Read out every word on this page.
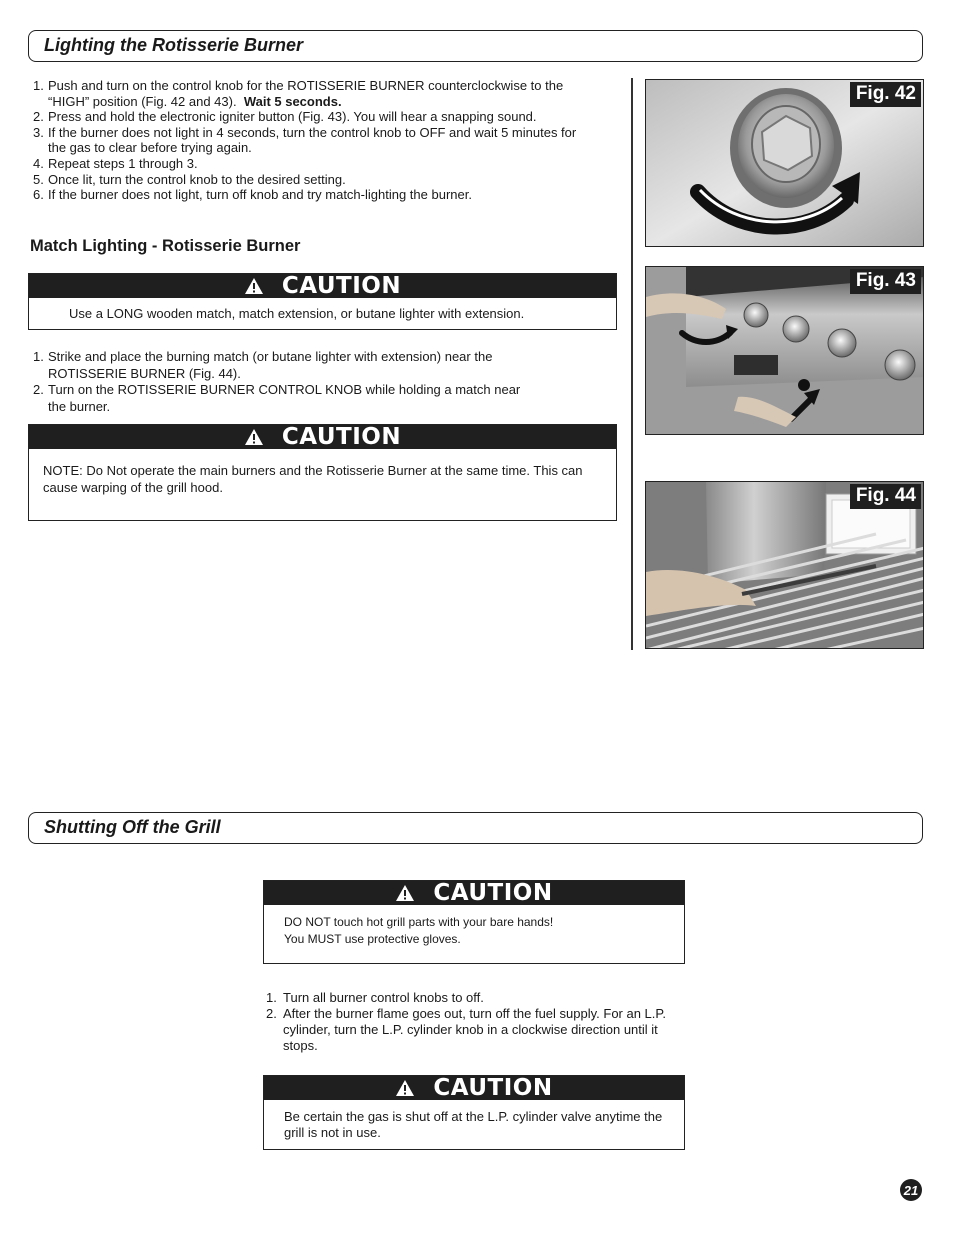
Lighting the Rotisserie Burner
1. Push and turn on the control knob for the ROTISSERIE BURNER counterclockwise to the
“HIGH” position (Fig. 42 and 43). Wait 5 seconds.
2. Press and hold the electronic igniter button (Fig. 43). You will hear a snapping sound.
3. If the burner does not light in 4 seconds, turn the control knob to OFF and wait 5 minutes for
the gas to clear before trying again.
4. Repeat steps 1 through 3.
5. Once lit, turn the control knob to the desired setting.
6. If the burner does not light, turn off knob and try match-lighting the burner.
Match Lighting - Rotisserie Burner
CAUTION
Use a LONG wooden match, match extension, or butane lighter with extension.
1. Strike and place the burning match (or butane lighter with extension) near the
ROTISSERIE BURNER (Fig. 44).
2. Turn on the ROTISSERIE BURNER CONTROL KNOB while holding a match near
the burner.
CAUTION
NOTE: Do Not operate the main burners and the Rotisserie Burner at the same time. This can cause warping of the grill hood.
Fig. 42
Fig. 43
Fig. 44
Shutting Off the Grill
CAUTION
DO NOT touch hot grill parts with your bare hands!
You MUST use protective gloves.
1. Turn all burner control knobs to off.
2. After the burner flame goes out, turn off the fuel supply. For an L.P. cylinder, turn the L.P. cylinder knob in a clockwise direction until it stops.
CAUTION
Be certain the gas is shut off at the L.P. cylinder valve anytime the grill is not in use.
21
